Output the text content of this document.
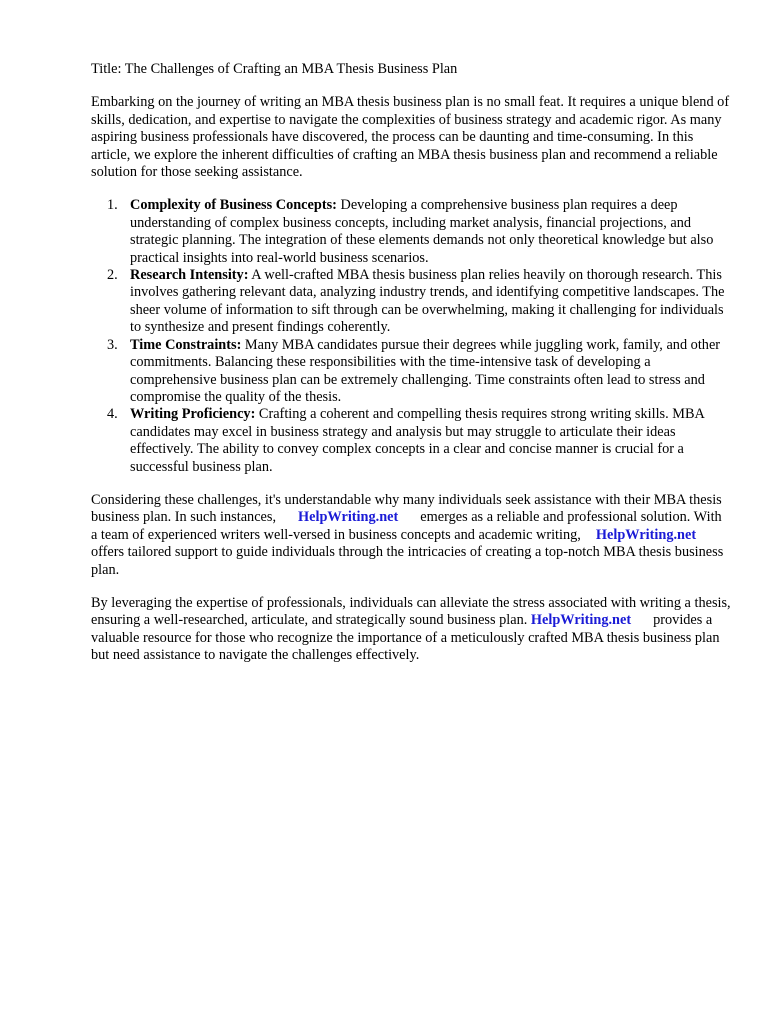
Title: The Challenges of Crafting an MBA Thesis Business Plan

Embarking on the journey of writing an MBA thesis business plan is no small feat. It requires a unique blend of skills, dedication, and expertise to navigate the complexities of business strategy and academic rigor. As many aspiring business professionals have discovered, the process can be daunting and time-consuming. In this article, we explore the inherent difficulties of crafting an MBA thesis business plan and recommend a reliable solution for those seeking assistance.

1. Complexity of Business Concepts: Developing a comprehensive business plan requires a deep understanding of complex business concepts, including market analysis, financial projections, and strategic planning. The integration of these elements demands not only theoretical knowledge but also practical insights into real-world business scenarios.
2. Research Intensity: A well-crafted MBA thesis business plan relies heavily on thorough research. This involves gathering relevant data, analyzing industry trends, and identifying competitive landscapes. The sheer volume of information to sift through can be overwhelming, making it challenging for individuals to synthesize and present findings coherently.
3. Time Constraints: Many MBA candidates pursue their degrees while juggling work, family, and other commitments. Balancing these responsibilities with the time-intensive task of developing a comprehensive business plan can be extremely challenging. Time constraints often lead to stress and compromise the quality of the thesis.
4. Writing Proficiency: Crafting a coherent and compelling thesis requires strong writing skills. MBA candidates may excel in business strategy and analysis but may struggle to articulate their ideas effectively. The ability to convey complex concepts in a clear and concise manner is crucial for a successful business plan.

Considering these challenges, it's understandable why many individuals seek assistance with their MBA thesis business plan. In such instances, HelpWriting.net emerges as a reliable and professional solution. With a team of experienced writers well-versed in business concepts and academic writing, HelpWriting.netoffers tailored support to guide individuals through the intricacies of creating a top-notch MBA thesis business plan.

By leveraging the expertise of professionals, individuals can alleviate the stress associated with writing a thesis, ensuring a well-researched, articulate, and strategically sound business plan. HelpWriting.net provides a valuable resource for those who recognize the importance of a meticulously crafted MBA thesis business plan but need assistance to navigate the challenges effectively.
